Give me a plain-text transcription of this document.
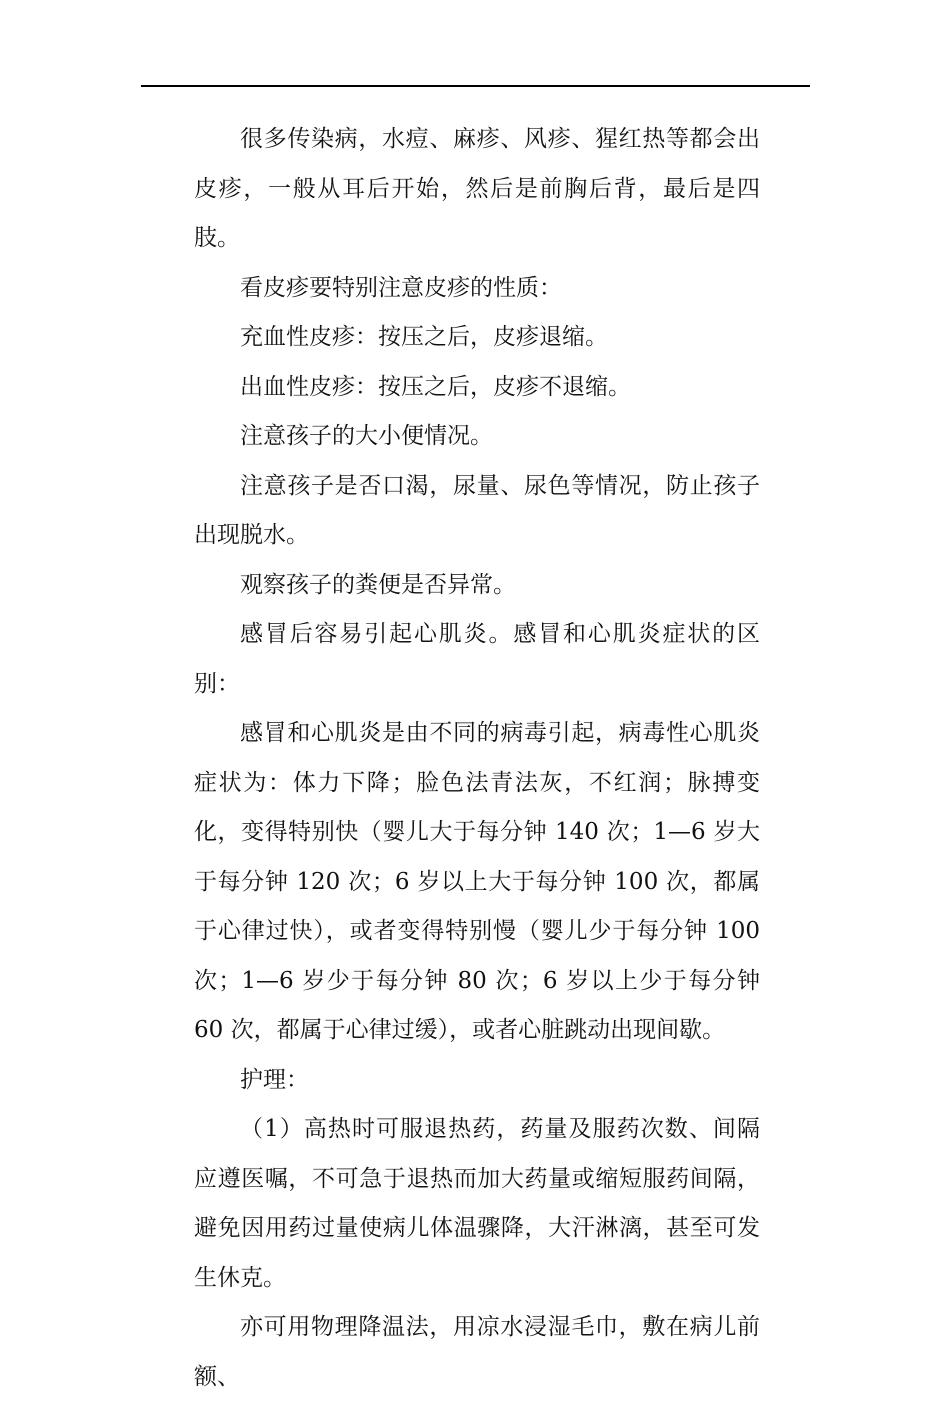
很多传染病，水痘、麻疹、风疹、猩红热等都会出皮疹，一般从耳后开始，然后是前胸后背，最后是四肢。

看皮疹要特别注意皮疹的性质：

充血性皮疹：按压之后，皮疹退缩。

出血性皮疹：按压之后，皮疹不退缩。

注意孩子的大小便情况。

注意孩子是否口渴，尿量、尿色等情况，防止孩子出现脱水。

观察孩子的粪便是否异常。

感冒后容易引起心肌炎。感冒和心肌炎症状的区别：

感冒和心肌炎是由不同的病毒引起，病毒性心肌炎症状为：体力下降；脸色法青法灰，不红润；脉搏变化，变得特别快（婴儿大于每分钟 140 次；1—6 岁大于每分钟 120 次；6 岁以上大于每分钟 100 次，都属于心律过快），或者变得特别慢（婴儿少于每分钟 100 次；1—6 岁少于每分钟 80 次；6 岁以上少于每分钟 60 次，都属于心律过缓），或者心脏跳动出现间歇。

护理：

（1）高热时可服退热药，药量及服药次数、间隔应遵医嘱，不可急于退热而加大药量或缩短服药间隔，避免因用药过量使病儿体温骤降，大汗淋漓，甚至可发生休克。

亦可用物理降温法，用凉水浸湿毛巾，敷在病儿前额、
